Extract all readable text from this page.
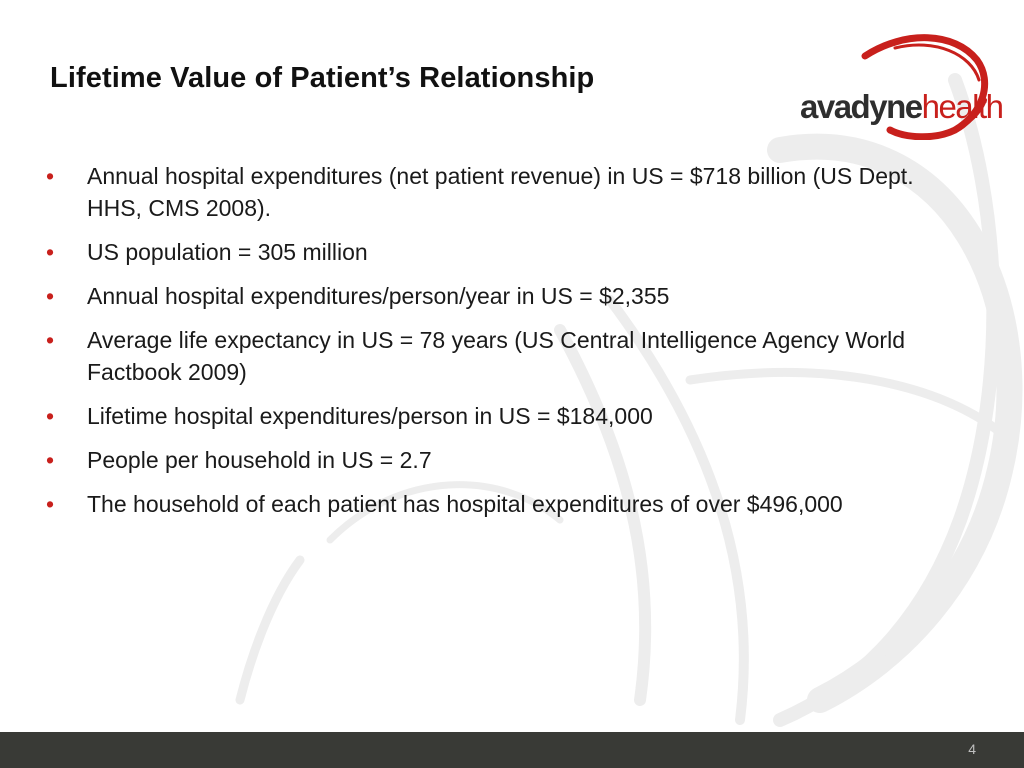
Lifetime Value of Patient’s Relationship
avadynehealth
• Annual hospital expenditures (net patient revenue) in US = $718 billion (US Dept. HHS, CMS 2008).
• US population = 305 million
• Annual hospital expenditures/person/year in US = $2,355
• Average life expectancy in US = 78 years (US Central Intelligence Agency World Factbook 2009)
• Lifetime hospital expenditures/person in US = $184,000
• People per household in US = 2.7
• The household of each patient has hospital expenditures of over $496,000
4
